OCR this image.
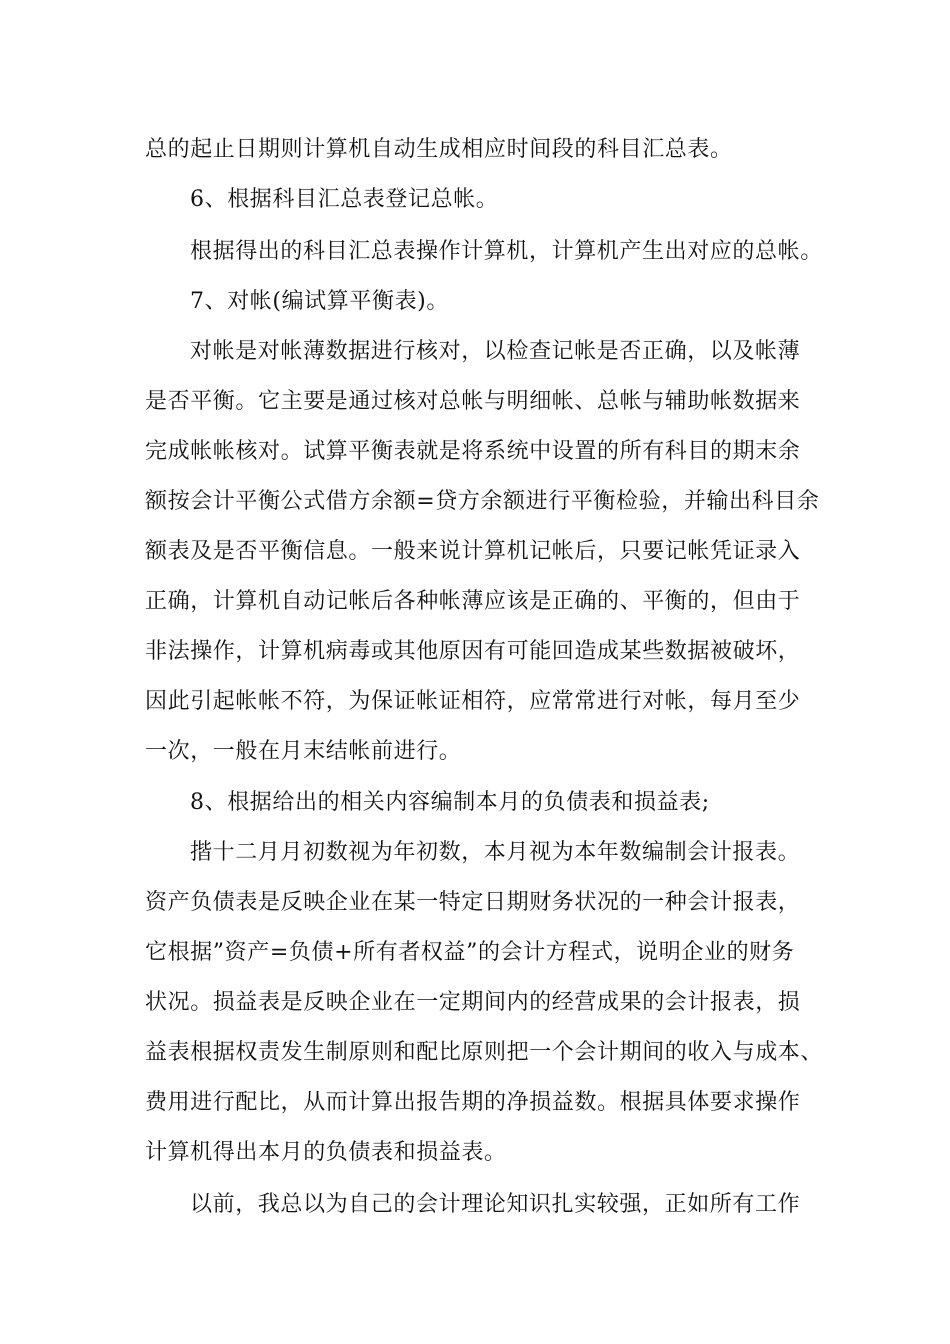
总的起止日期则计算机自动生成相应时间段的科目汇总表。
6、根据科目汇总表登记总帐。
根据得出的科目汇总表操作计算机，计算机产生出对应的总帐。
7、对帐(编试算平衡表)。
对帐是对帐薄数据进行核对，以检查记帐是否正确，以及帐薄
是否平衡。它主要是通过核对总帐与明细帐、总帐与辅助帐数据来
完成帐帐核对。试算平衡表就是将系统中设置的所有科目的期末余
额按会计平衡公式借方余额=贷方余额进行平衡检验，并输出科目余
额表及是否平衡信息。一般来说计算机记帐后，只要记帐凭证录入
正确，计算机自动记帐后各种帐薄应该是正确的、平衡的，但由于
非法操作，计算机病毒或其他原因有可能回造成某些数据被破坏，
因此引起帐帐不符，为保证帐证相符，应常常进行对帐，每月至少
一次，一般在月末结帐前进行。
8、根据给出的相关内容编制本月的负债表和损益表;
揩十二月月初数视为年初数，本月视为本年数编制会计报表。
资产负债表是反映企业在某一特定日期财务状况的一种会计报表，
它根据”资产=负债+所有者权益”的会计方程式，说明企业的财务
状况。损益表是反映企业在一定期间内的经营成果的会计报表，损
益表根据权责发生制原则和配比原则把一个会计期间的收入与成本、
费用进行配比，从而计算出报告期的净损益数。根据具体要求操作
计算机得出本月的负债表和损益表。
以前，我总以为自己的会计理论知识扎实较强，正如所有工作
